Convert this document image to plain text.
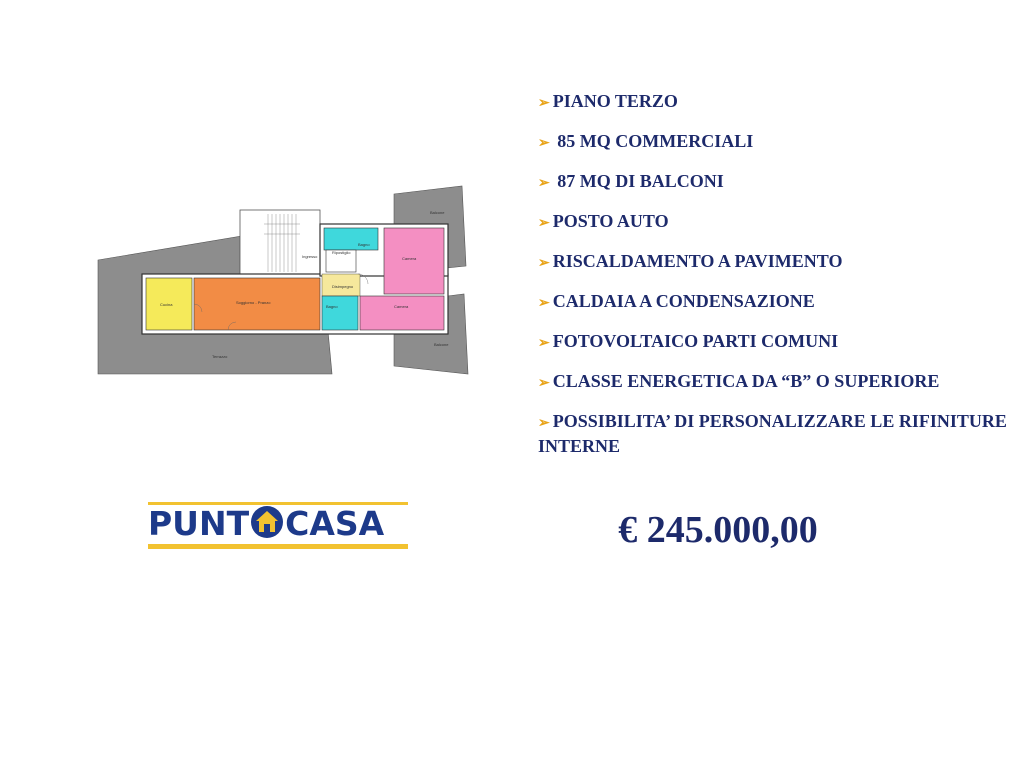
Cucina	Soggiorno - Pranzo
Bagno
Ripostiglio
Ingresso
Disimpegno
Bagno
Camera
Camera
Terrazzo
Balcone
Balcone
➢ PIANO TERZO
➢ 85 MQ COMMERCIALI
➢ 87 MQ DI BALCONI
➢ POSTO AUTO
➢ RISCALDAMENTO A PAVIMENTO
➢ CALDAIA A CONDENSAZIONE
➢ FOTOVOLTAICO PARTI COMUNI
➢ CLASSE ENERGETICA DA “B” O SUPERIORE
➢ POSSIBILITA’ DI PERSONALIZZARE LE RIFINITURE INTERNE
PUNT CASA	€ 245.000,00
